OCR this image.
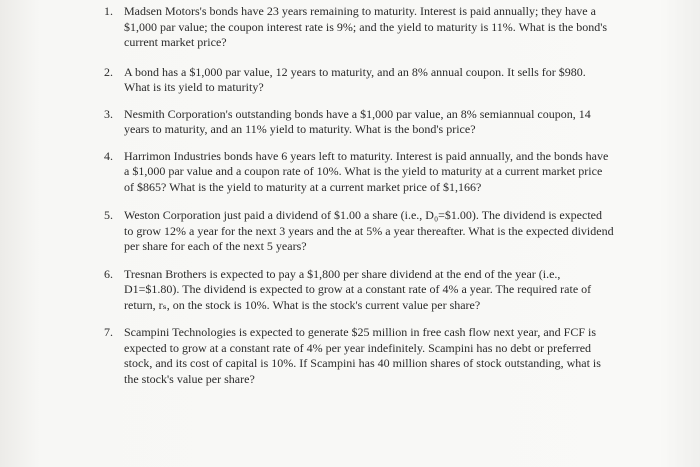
1. Madsen Motors's bonds have 23 years remaining to maturity. Interest is paid annually; they have a $1,000 par value; the coupon interest rate is 9%; and the yield to maturity is 11%. What is the bond's current market price?
2. A bond has a $1,000 par value, 12 years to maturity, and an 8% annual coupon. It sells for $980. What is its yield to maturity?
3. Nesmith Corporation's outstanding bonds have a $1,000 par value, an 8% semiannual coupon, 14 years to maturity, and an 11% yield to maturity. What is the bond's price?
4. Harrimon Industries bonds have 6 years left to maturity. Interest is paid annually, and the bonds have a $1,000 par value and a coupon rate of 10%. What is the yield to maturity at a current market price of $865? What is the yield to maturity at a current market price of $1,166?
5. Weston Corporation just paid a dividend of $1.00 a share (i.e., D₀=$1.00). The dividend is expected to grow 12% a year for the next 3 years and the at 5% a year thereafter. What is the expected dividend per share for each of the next 5 years?
6. Tresnan Brothers is expected to pay a $1,800 per share dividend at the end of the year (i.e., D1=$1.80). The dividend is expected to grow at a constant rate of 4% a year. The required rate of return, rₛ, on the stock is 10%. What is the stock's current value per share?
7. Scampini Technologies is expected to generate $25 million in free cash flow next year, and FCF is expected to grow at a constant rate of 4% per year indefinitely. Scampini has no debt or preferred stock, and its cost of capital is 10%. If Scampini has 40 million shares of stock outstanding, what is the stock's value per share?
